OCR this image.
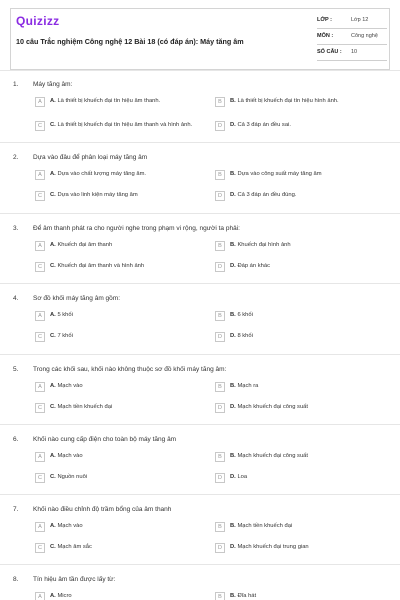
Quizizz
10 câu Trắc nghiệm Công nghệ 12 Bài 18 (có đáp án): Máy tăng âm
LỚP :	Lớp 12
MÔN :	Công nghệ
SỐ CÂU :	10
1.	Máy tăng âm:
A	A. Là thiết bị khuếch đại tín hiệu âm thanh.	B	B. Là thiết bị khuếch đại tín hiệu hình ảnh.
C	C. Là thiết bị khuếch đại tín hiệu âm thanh và hình ảnh.	D	D. Cả 3 đáp án đều sai.
2.	Dựa vào đâu để phân loại máy tăng âm
A	A. Dựa vào chất lượng máy tăng âm.	B	B. Dựa vào công suất máy tăng âm
C	C. Dựa vào linh kiện máy tăng âm	D	D. Cả 3 đáp án đều đúng.
3.	Để âm thanh phát ra cho người nghe trong phạm vi rộng, người ta phải:
A	A. Khuếch đại âm thanh	B	B. Khuếch đại hình ảnh
C	C. Khuếch đại âm thanh và hình ảnh	D	D. Đáp án khác
4.	Sơ đồ khối máy tăng âm gồm:
A	A. 5 khối	B	B. 6 khối
C	C. 7 khối	D	D. 8 khối
5.	Trong các khối sau, khối nào không thuộc sơ đồ khối máy tăng âm:
A	A. Mạch vào	B	B. Mạch ra
C	C. Mạch tiền khuếch đại	D	D. Mạch khuếch đại công suất
6.	Khối nào cung cấp điện cho toàn bộ máy tăng âm
A	A. Mạch vào	B	B. Mạch khuếch đại công suất
C	C. Nguồn nuôi	D	D. Loa
7.	Khối nào điều chỉnh độ trầm bổng của âm thanh
A	A. Mạch vào	B	B. Mạch tiền khuếch đại
C	C. Mạch âm sắc	D	D. Mạch khuếch đại trung gian
8.	Tín hiệu âm tần được lấy từ:
A	A. Micro	B	B. Đĩa hát
